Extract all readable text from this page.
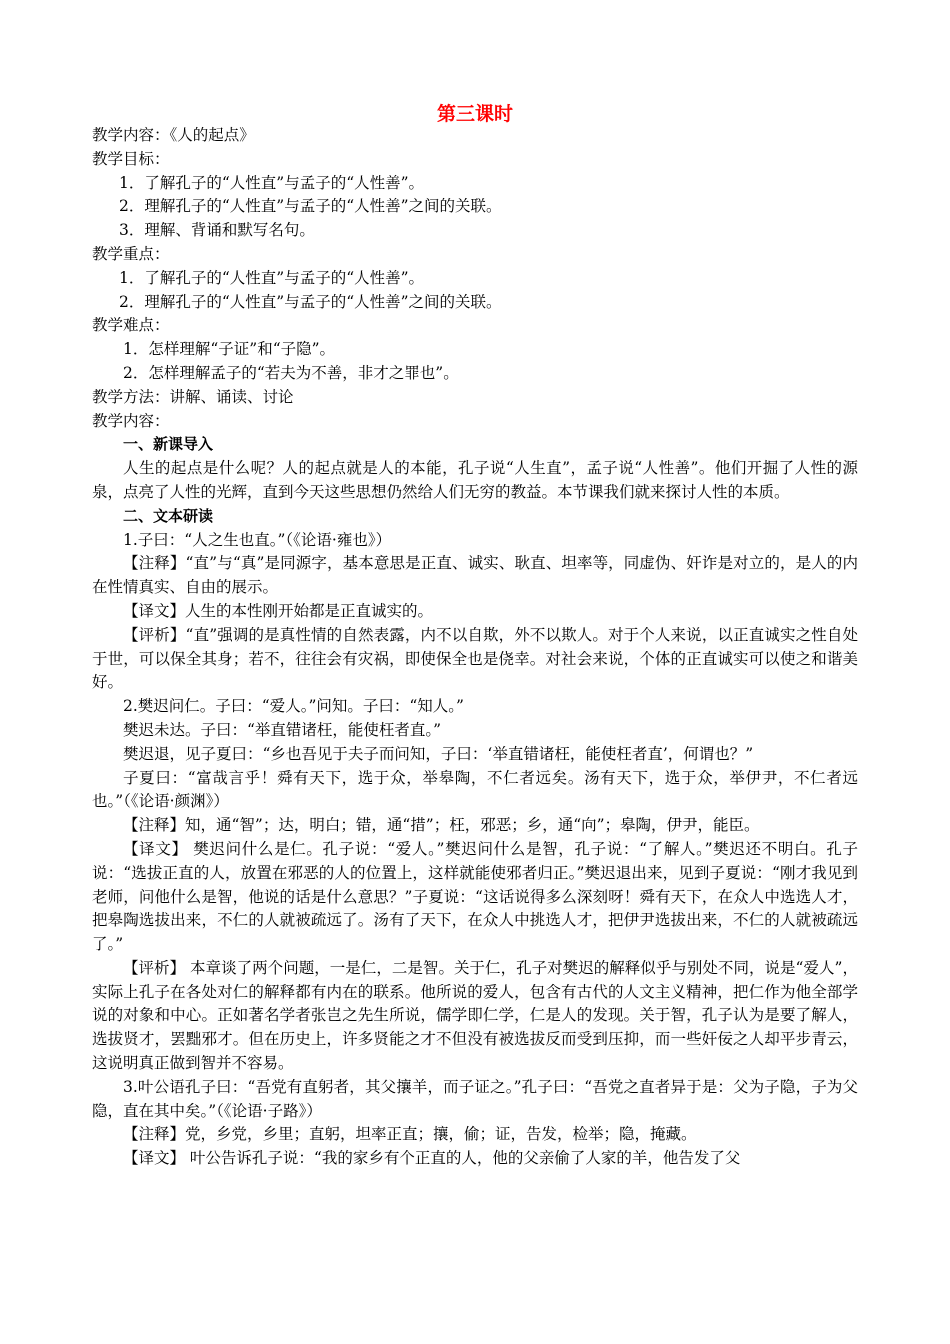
第三课时
教学内容：《人的起点》
教学目标：
1．了解孔子的“人性直”与孟子的“人性善”。
2．理解孔子的“人性直”与孟子的“人性善”之间的关联。
3．理解、背诵和默写名句。
教学重点：
1．了解孔子的“人性直”与孟子的“人性善”。
2．理解孔子的“人性直”与孟子的“人性善”之间的关联。
教学难点：
1．怎样理解“子证”和“子隐”。
2．怎样理解孟子的“若夫为不善，非才之罪也”。
教学方法：讲解、诵读、讨论
教学内容：
一、新课导入

人生的起点是什么呢？人的起点就是人的本能，孔子说“人生直”，孟子说“人性善”。他们开掘了人性的源泉，点亮了人性的光辉，直到今天这些思想仍然给人们无穷的教益。本节课我们就来探讨人性的本质。

二、文本研读
1.子曰：“人之生也直。”（《论语·雍也》）

【注释】“直”与“真”是同源字，基本意思是正直、诚实、耿直、坦率等，同虚伪、奸诈是对立的，是人的内在性情真实、自由的展示。

【译文】人生的本性刚开始都是正直诚实的。

【评析】“直”强调的是真性情的自然表露，内不以自欺，外不以欺人。对于个人来说，以正直诚实之性自处于世，可以保全其身；若不，往往会有灾祸，即使保全也是侥幸。对社会来说，个体的正直诚实可以使之和谐美好。

2.樊迟问仁。子曰：“爱人。”问知。子曰：“知人。”
樊迟未达。子曰：“举直错诸枉，能使枉者直。”

樊迟退，见子夏曰：“乡也吾见于夫子而问知，子曰：‘举直错诸枉，能使枉者直’，何谓也？”

子夏曰：“富哉言乎！舜有天下，选于众，举皋陶，不仁者远矣。汤有天下，选于众，举伊尹，不仁者远也。”（《论语·颜渊》）

【注释】知，通“智”；达，明白；错，通“措”；枉，邪恶；乡，通“向”；皋陶，伊尹，能臣。

【译文】 樊迟问什么是仁。孔子说：“爱人。”樊迟问什么是智，孔子说：“了解人。”樊迟还不明白。孔子说：“选拔正直的人，放置在邪恶的人的位置上，这样就能使邪者归正。”樊迟退出来，见到子夏说：“刚才我见到老师，问他什么是智，他说的话是什么意思？”子夏说：“这话说得多么深刻呀！舜有天下，在众人中选选人才，把皋陶选拔出来，不仁的人就被疏远了。汤有了天下，在众人中挑选人才，把伊尹选拔出来，不仁的人就被疏远了。”

【评析】 本章谈了两个问题，一是仁，二是智。关于仁，孔子对樊迟的解释似乎与别处不同，说是“爱人”，实际上孔子在各处对仁的解释都有内在的联系。他所说的爱人，包含有古代的人文主义精神，把仁作为他全部学说的对象和中心。正如著名学者张岂之先生所说，儒学即仁学，仁是人的发现。关于智，孔子认为是要了解人，选拔贤才，罢黜邪才。但在历史上，许多贤能之才不但没有被选拔反而受到压抑，而一些奸佞之人却平步青云，这说明真正做到智并不容易。

3.叶公语孔子曰：“吾党有直躬者，其父攘羊，而子证之。”孔子曰：“吾党之直者异于是：父为子隐，子为父隐，直在其中矣。”（《论语·子路》）

【注释】党，乡党，乡里；直躬，坦率正直；攘，偷；证，告发，检举；隐，掩藏。

【译文】 叶公告诉孔子说：“我的家乡有个正直的人，他的父亲偷了人家的羊，他告发了父
